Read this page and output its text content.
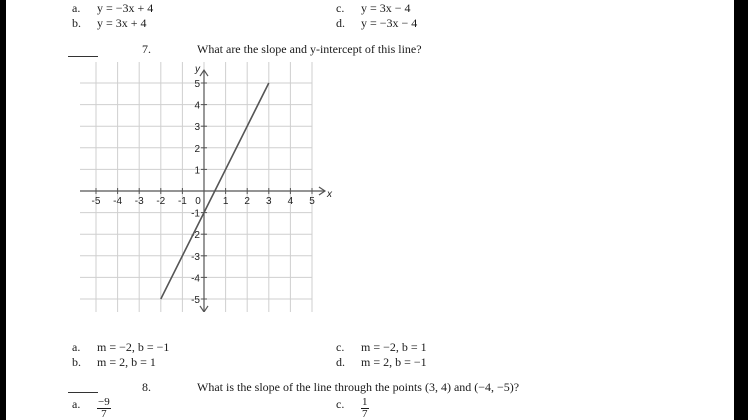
a. y = −3x + 4
b. y = 3x + 4
c. y = 3x − 4
d. y = −3x − 4
7.	What are the slope and y-intercept of this line?
-5 -4 -3 -2 -1 0 1 2 3 4 5
5
4
3
2
1
-1
-2
-3
-4
-5
x
y
a. m = −2, b = −1
b. m = 2, b = 1
c. m = −2, b = 1
d. m = 2, b = −1
8.	What is the slope of the line through the points (3, 4) and (−4, −5)?
a. $\frac{-9}{7}$	c. $\frac{1}{7}$
